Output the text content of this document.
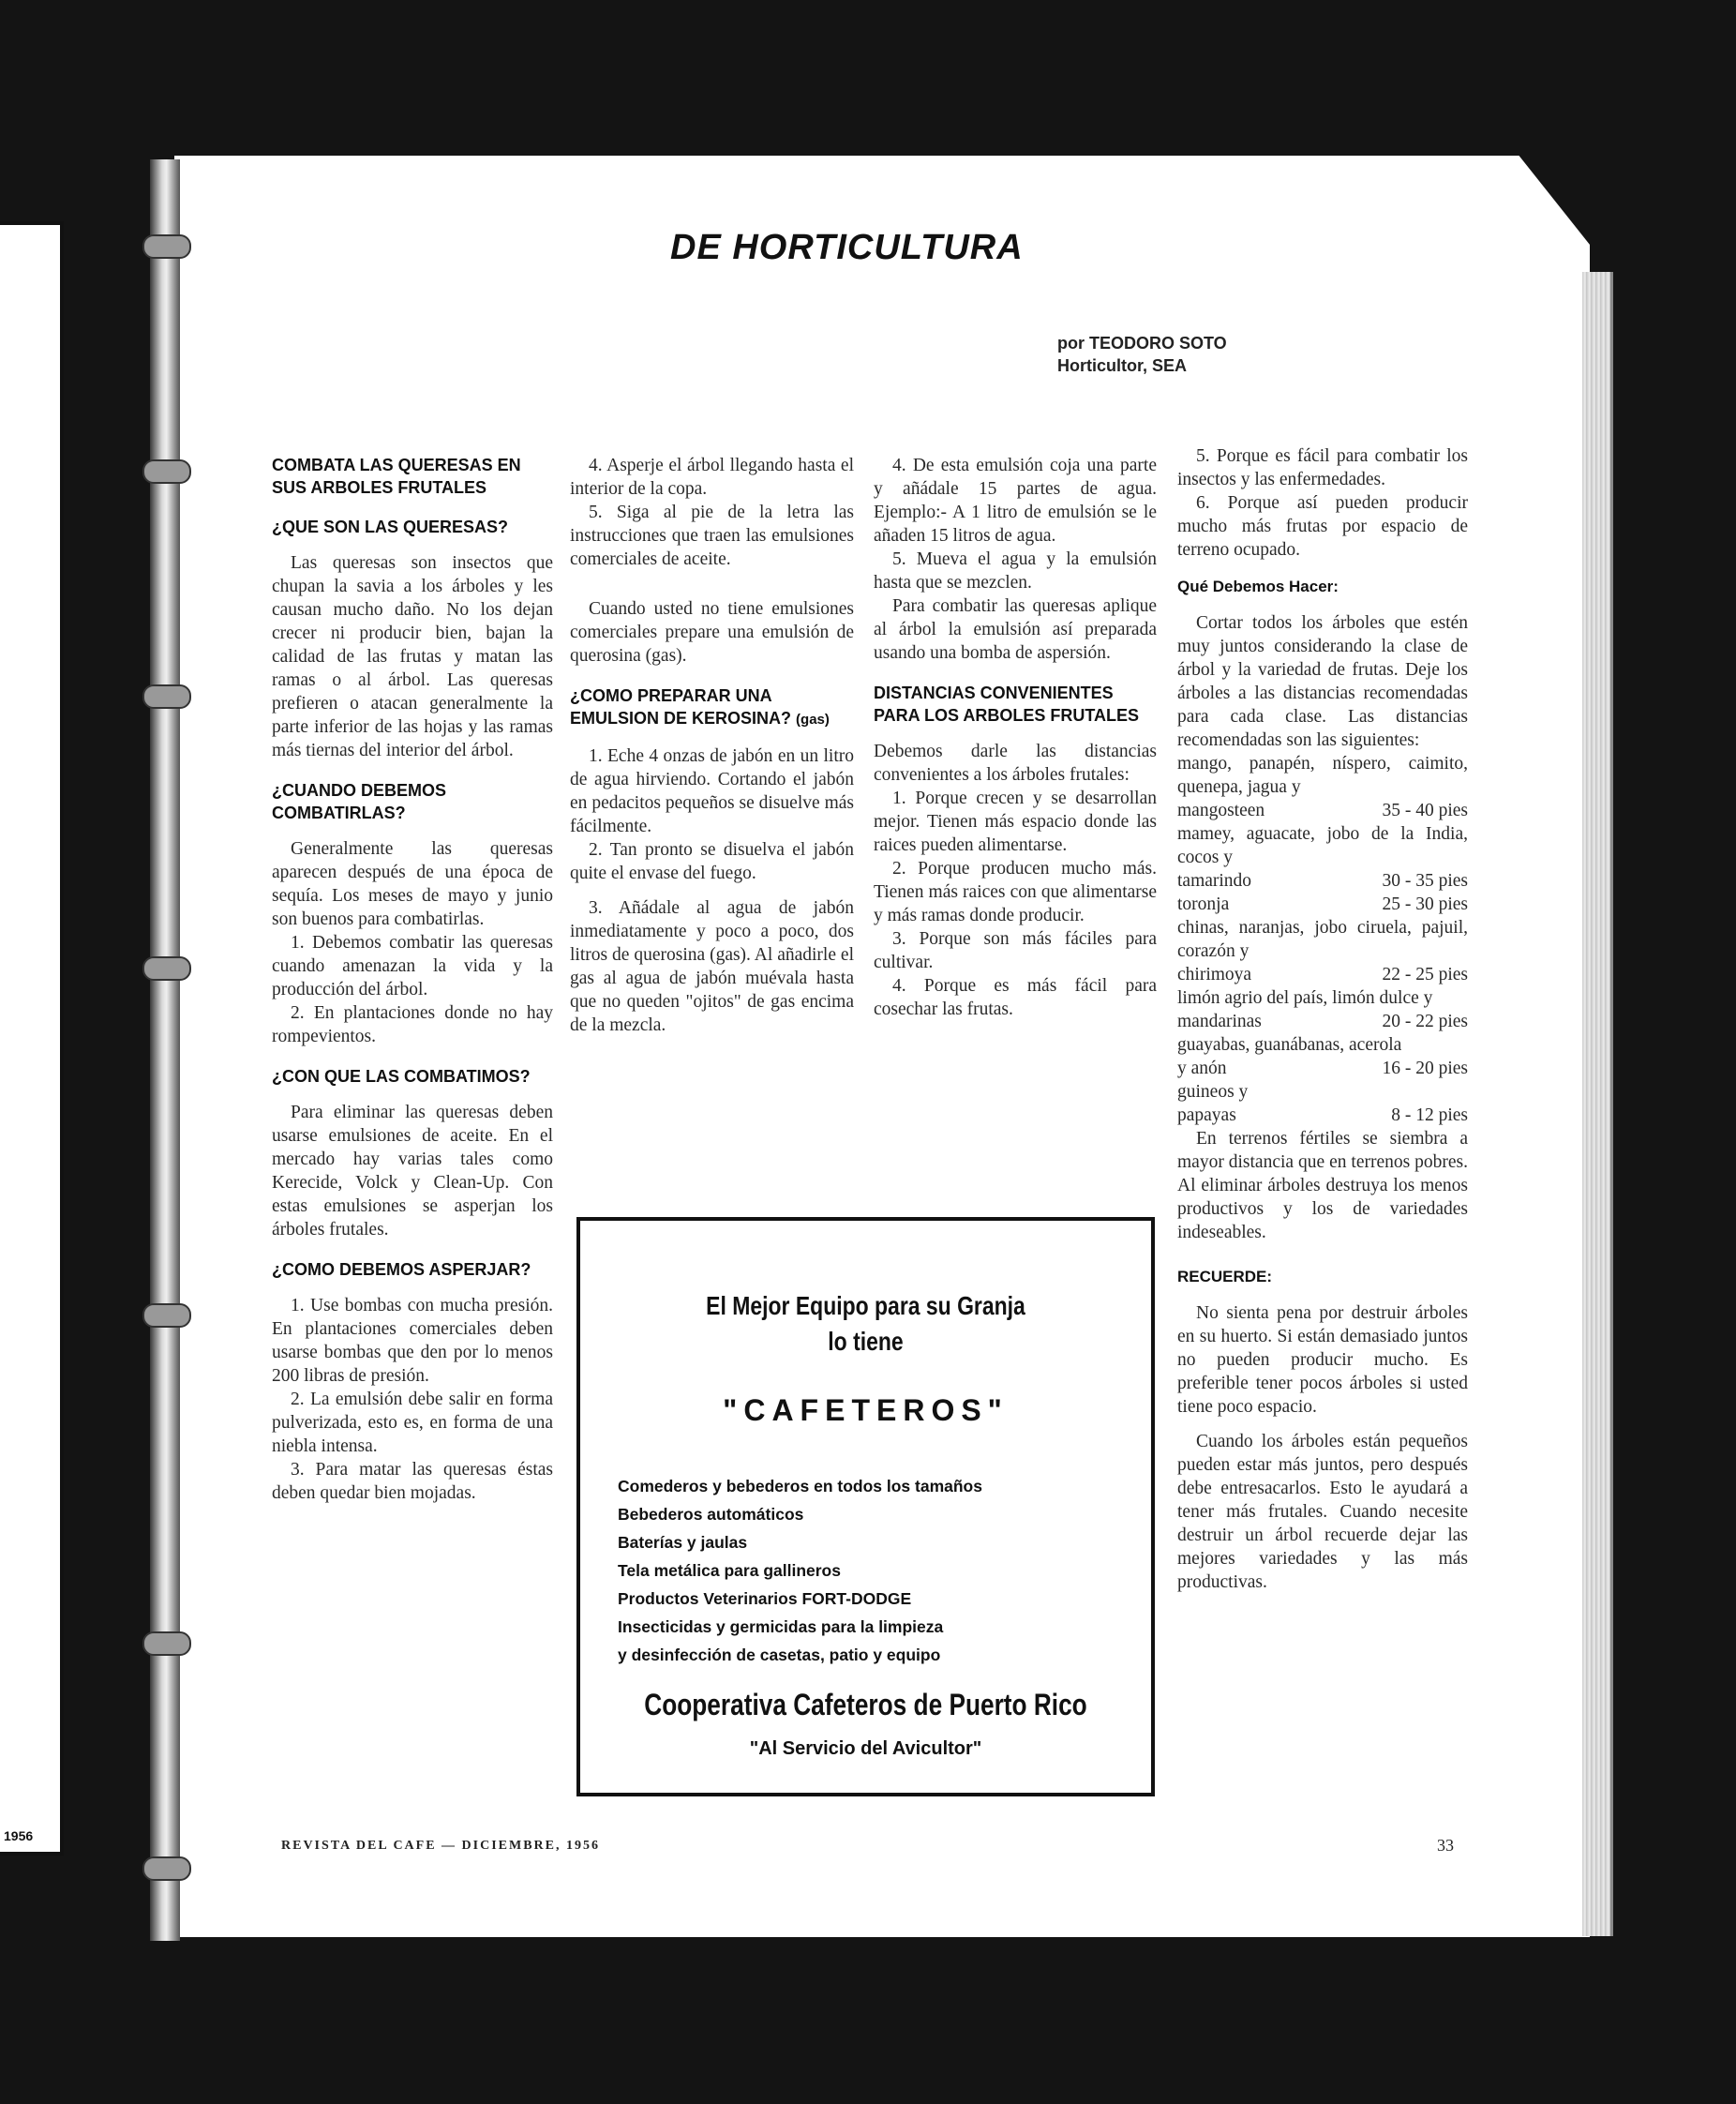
1956
DE HORTICULTURA
por TEODORO SOTO
Horticultor, SEA
COMBATA LAS QUERESAS EN SUS ARBOLES FRUTALES
¿QUE SON LAS QUERESAS?

Las queresas son insectos que chupan la savia a los árboles y les causan mucho daño. No los dejan crecer ni producir bien, bajan la calidad de las frutas y matan las ramas o al árbol. Las queresas prefieren o atacan generalmente la parte inferior de las hojas y las ramas más tiernas del interior del árbol.

¿CUANDO DEBEMOS COMBATIRLAS?

Generalmente las queresas aparecen después de una época de sequía. Los meses de mayo y junio son buenos para combatirlas.

1. Debemos combatir las queresas cuando amenazan la vida y la producción del árbol.

2. En plantaciones donde no hay rompevientos.

¿CON QUE LAS COMBATIMOS?

Para eliminar las queresas deben usarse emulsiones de aceite. En el mercado hay varias tales como Kerecide, Volck y Clean-Up. Con estas emulsiones se asperjan los árboles frutales.

¿COMO DEBEMOS ASPERJAR?

1. Use bombas con mucha presión. En plantaciones comerciales deben usarse bombas que den por lo menos 200 libras de presión.

2. La emulsión debe salir en forma pulverizada, esto es, en forma de una niebla intensa.

3. Para matar las queresas éstas deben quedar bien mojadas.

4. Asperje el árbol llegando hasta el interior de la copa.

5. Siga al pie de la letra las instrucciones que traen las emulsiones comerciales de aceite.

Cuando usted no tiene emulsiones comerciales prepare una emulsión de querosina (gas).

¿COMO PREPARAR UNA EMULSION DE KEROSINA? (gas)

1. Eche 4 onzas de jabón en un litro de agua hirviendo. Cortando el jabón en pedacitos pequeños se disuelve más fácilmente.

2. Tan pronto se disuelva el jabón quite el envase del fuego.

3. Añádale al agua de jabón inmediatamente y poco a poco, dos litros de querosina (gas). Al añadirle el gas al agua de jabón muévala hasta que no queden "ojitos" de gas encima de la mezcla.

4. De esta emulsión coja una parte y añádale 15 partes de agua. Ejemplo:- A 1 litro de emulsión se le añaden 15 litros de agua.

5. Mueva el agua y la emulsión hasta que se mezclen.

Para combatir las queresas aplique al árbol la emulsión así preparada usando una bomba de aspersión.

DISTANCIAS CONVENIENTES PARA LOS ARBOLES FRUTALES

Debemos darle las distancias convenientes a los árboles frutales:

1. Porque crecen y se desarrollan mejor. Tienen más espacio donde las raices pueden alimentarse.

2. Porque producen mucho más. Tienen más raices con que alimentarse y más ramas donde producir.

3. Porque son más fáciles para cultivar.

4. Porque es más fácil para cosechar las frutas.

5. Porque es fácil para combatir los insectos y las enfermedades.

6. Porque así pueden producir mucho más frutas por espacio de terreno ocupado.

Qué Debemos Hacer:

Cortar todos los árboles que estén muy juntos considerando la clase de árbol y la variedad de frutas. Deje los árboles a las distancias recomendadas para cada clase. Las distancias recomendadas son las siguientes:

mango, panapén, níspero, caimito, quenepa, jagua y

mangosteen	35 - 40 pies

mamey, aguacate, jobo de la India, cocos y

tamarindo	30 - 35 pies
toronja	25 - 30 pies

chinas, naranjas, jobo ciruela, pajuil, corazón y

chirimoya	22 - 25 pies

limón agrio del país, limón dulce y

mandarinas	20 - 22 pies

guayabas, guanábanas, acerola

y anón	16 - 20 pies

guineos y

papayas	8 - 12 pies

En terrenos fértiles se siembra a mayor distancia que en terrenos pobres. Al eliminar árboles destruya los menos productivos y los de variedades indeseables.

RECUERDE:

No sienta pena por destruir árboles en su huerto. Si están demasiado juntos no pueden producir mucho. Es preferible tener pocos árboles si usted tiene poco espacio.

Cuando los árboles están pequeños pueden estar más juntos, pero después debe entresacarlos. Esto le ayudará a tener más frutales. Cuando necesite destruir un árbol recuerde dejar las mejores variedades y las más productivas.

El Mejor Equipo para su Granja
lo tiene
"CAFETEROS"
Comederos y bebederos en todos los tamaños
Bebederos automáticos
Baterías y jaulas
Tela metálica para gallineros
Productos Veterinarios FORT-DODGE
Insecticidas y germicidas para la limpieza
y desinfección de casetas, patio y equipo
Cooperativa Cafeteros de Puerto Rico
"Al Servicio del Avicultor"
REVISTA DEL CAFE — DICIEMBRE, 1956	33
